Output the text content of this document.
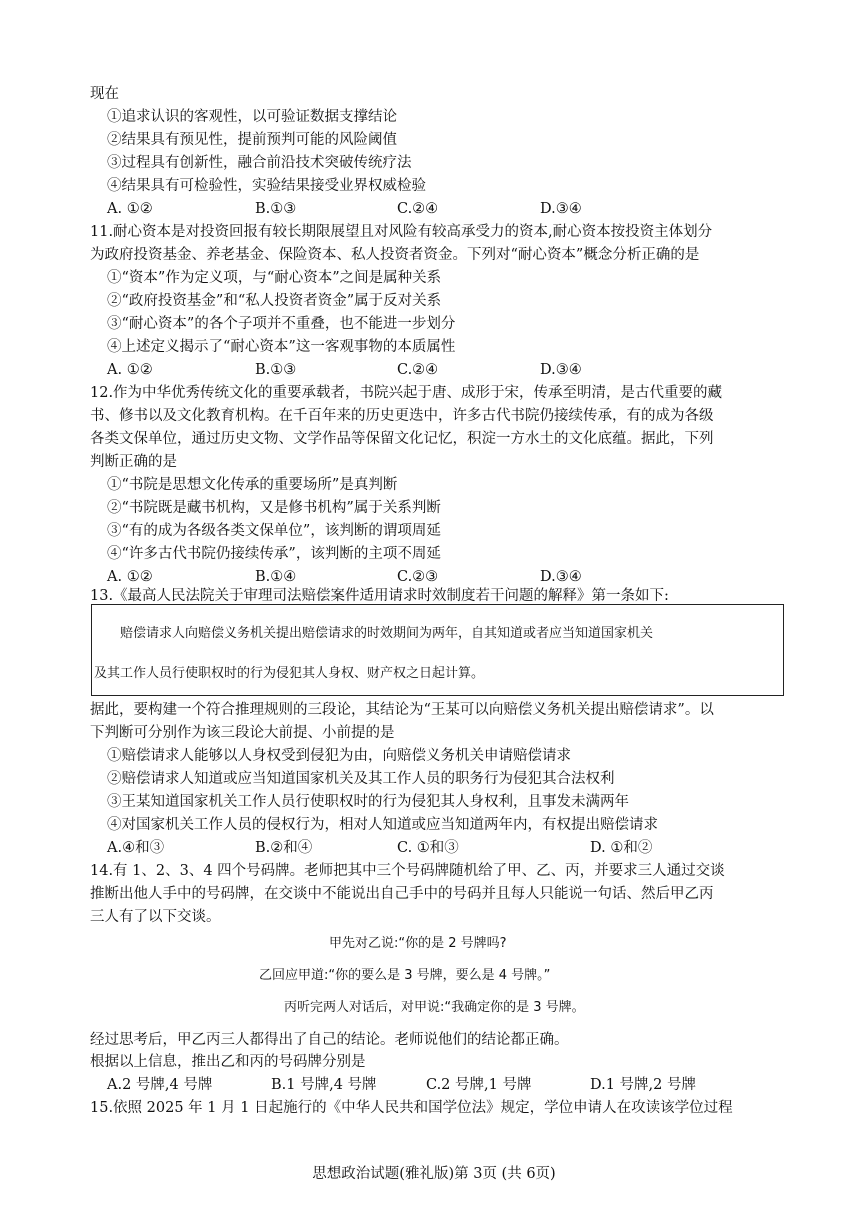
现在
①追求认识的客观性，以可验证数据支撑结论
②结果具有预见性，提前预判可能的风险阈值
③过程具有创新性，融合前沿技术突破传统疗法
④结果具有可检验性，实验结果接受业界权威检验
A. ①②	B.①③	C.②④	D.③④
11.耐心资本是对投资回报有较长期限展望且对风险有较高承受力的资本,耐心资本按投资主体划分
为政府投资基金、养老基金、保险资本、私人投资者资金。下列对“耐心资本”概念分析正确的是
①“资本”作为定义项，与“耐心资本”之间是属种关系
②“政府投资基金”和“私人投资者资金”属于反对关系
③“耐心资本”的各个子项并不重叠，也不能进一步划分
④上述定义揭示了“耐心资本”这一客观事物的本质属性
A. ①②	B.①③	C.②④	D.③④
12.作为中华优秀传统文化的重要承载者，书院兴起于唐、成形于宋，传承至明清，是古代重要的藏
书、修书以及文化教育机构。在千百年来的历史更迭中，许多古代书院仍接续传承，有的成为各级
各类文保单位，通过历史文物、文学作品等保留文化记忆，积淀一方水土的文化底蕴。据此，下列
判断正确的是
①“书院是思想文化传承的重要场所”是真判断
②“书院既是藏书机构，又是修书机构”属于关系判断
③“有的成为各级各类文保单位”，该判断的谓项周延
④“许多古代书院仍接续传承”，该判断的主项不周延
A. ①②	B.①④	C.②③	D.③④
13.《最高人民法院关于审理司法赔偿案件适用请求时效制度若干问题的解释》第一条如下:
赔偿请求人向赔偿义务机关提出赔偿请求的时效期间为两年，自其知道或者应当知道国家机关
及其工作人员行使职权时的行为侵犯其人身权、财产权之日起计算。
据此，要构建一个符合推理规则的三段论，其结论为“王某可以向赔偿义务机关提出赔偿请求”。以
下判断可分别作为该三段论大前提、小前提的是
①赔偿请求人能够以人身权受到侵犯为由，向赔偿义务机关申请赔偿请求
②赔偿请求人知道或应当知道国家机关及其工作人员的职务行为侵犯其合法权利
③王某知道国家机关工作人员行使职权时的行为侵犯其人身权利，且事发未满两年
④对国家机关工作人员的侵权行为，相对人知道或应当知道两年内，有权提出赔偿请求
A.④和③	B.②和④	C. ①和③	D. ①和②
14.有 1、2、3、4 四个号码牌。老师把其中三个号码牌随机给了甲、乙、丙，并要求三人通过交谈
推断出他人手中的号码牌，在交谈中不能说出自己手中的号码并且每人只能说一句话、然后甲乙丙
三人有了以下交谈。
甲先对乙说:“你的是 2 号牌吗?
乙回应甲道:“你的要么是 3 号牌，要么是 4 号牌。”
丙听完两人对话后，对甲说:“我确定你的是 3 号牌。
经过思考后，甲乙丙三人都得出了自己的结论。老师说他们的结论都正确。
根据以上信息，推出乙和丙的号码牌分别是
A.2 号牌,4 号牌	B.1 号牌,4 号牌	C.2 号牌,1 号牌	D.1 号牌,2 号牌
15.依照 2025 年 1 月 1 日起施行的《中华人民共和国学位法》规定，学位申请人在攻读该学位过程
思想政治试题(雅礼版)第 3页 (共 6页)
